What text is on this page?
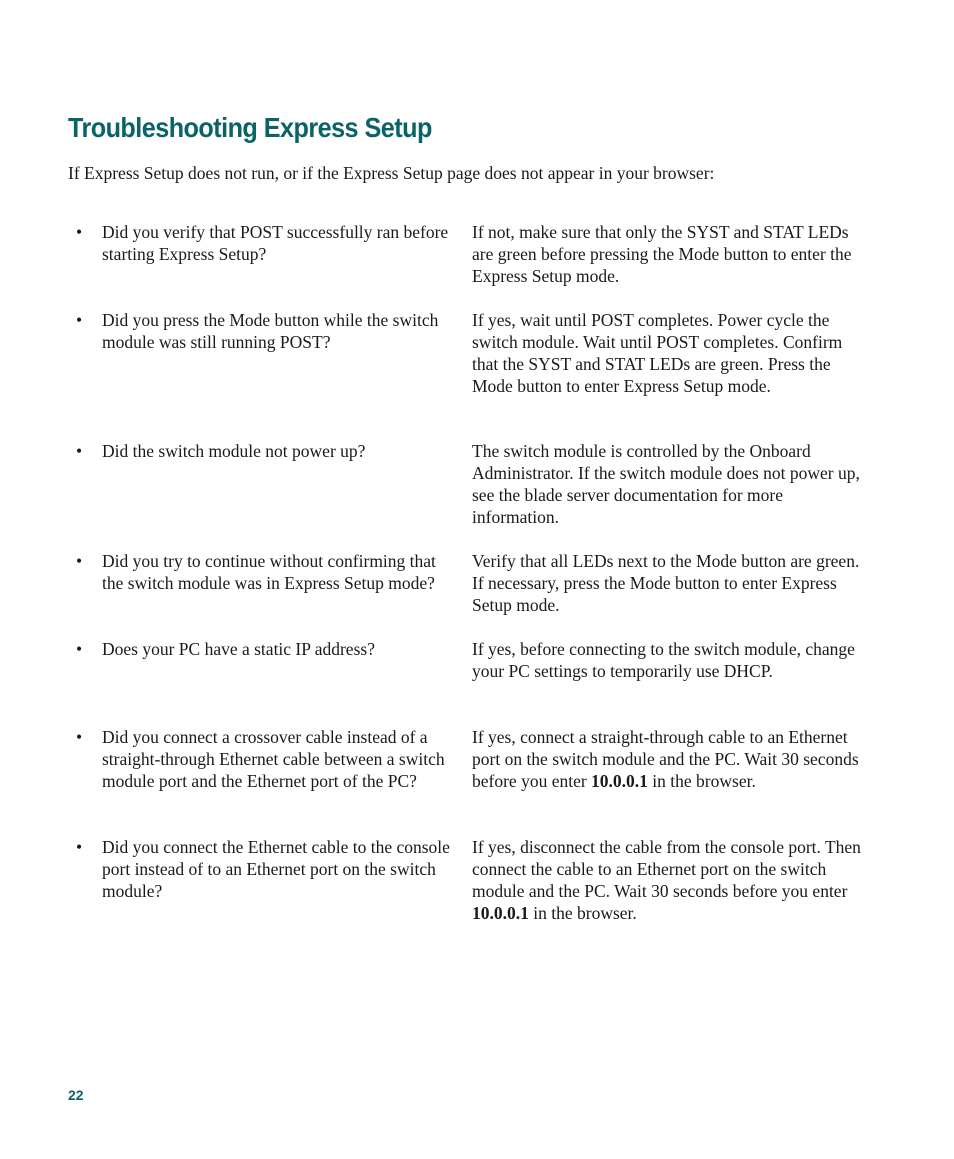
Troubleshooting Express Setup

If Express Setup does not run, or if the Express Setup page does not appear in your browser:

• Did you verify that POST successfully ran before starting Express Setup?

If not, make sure that only the SYST and STAT LEDs are green before pressing the Mode button to enter the Express Setup mode.

• Did you press the Mode button while the switch module was still running POST?

If yes, wait until POST completes. Power cycle the switch module. Wait until POST completes. Confirm that the SYST and STAT LEDs are green. Press the Mode button to enter Express Setup mode.

• Did the switch module not power up?	The switch module is controlled by the Onboard Administrator. If the switch module does not power up, see the blade server documentation for more information.

• Did you try to continue without confirming that the switch module was in Express Setup mode?

Verify that all LEDs next to the Mode button are green. If necessary, press the Mode button to enter Express Setup mode.

• Does your PC have a static IP address?	If yes, before connecting to the switch module, change your PC settings to temporarily use DHCP.

• Did you connect a crossover cable instead of a straight-through Ethernet cable between a switch module port and the Ethernet port of the PC?

If yes, connect a straight-through cable to an Ethernet port on the switch module and the PC. Wait 30 seconds before you enter 10.0.0.1 in the browser.

• Did you connect the Ethernet cable to the console port instead of to an Ethernet port on the switch module?

If yes, disconnect the cable from the console port. Then connect the cable to an Ethernet port on the switch module and the PC. Wait 30 seconds before you enter 10.0.0.1 in the browser.

22
